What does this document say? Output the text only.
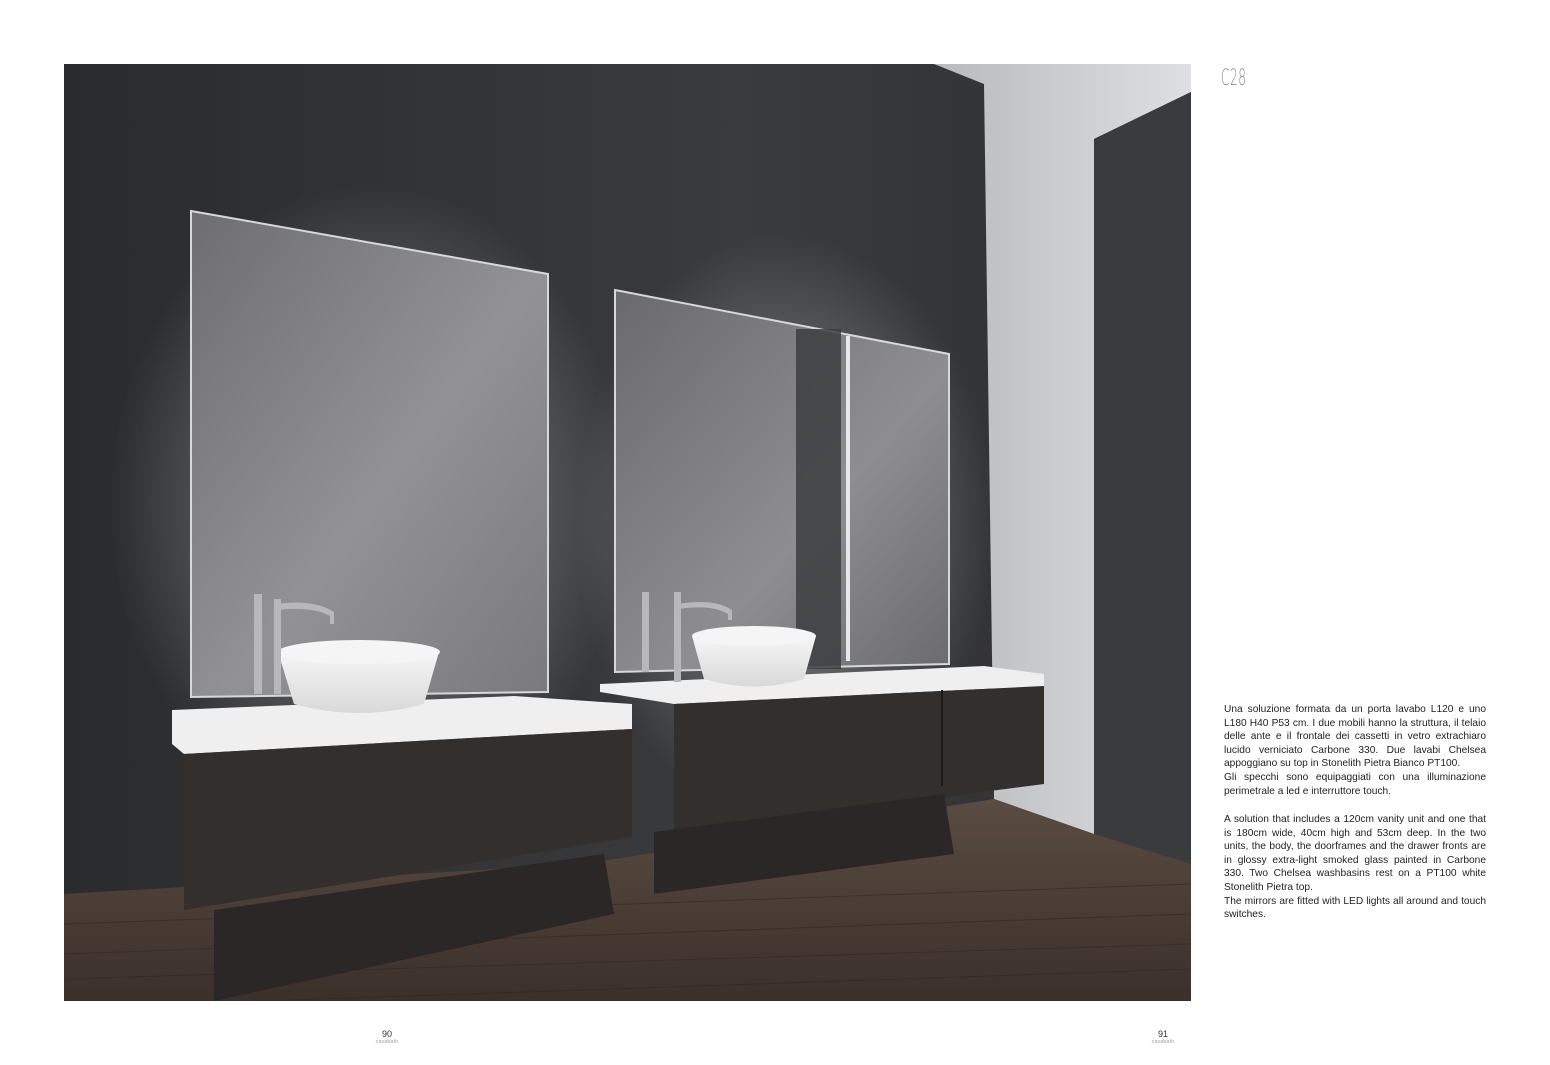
C28

Una soluzione formata da un porta lavabo L120 e uno L180 H40 P53 cm. I due mobili hanno la struttura, il telaio delle ante e il frontale dei cassetti in vetro extrachiaro lucido verniciato Carbone 330. Due lavabi Chelsea appoggiano su top in Stonelith Pietra Bianco PT100.

Gli specchi sono equipaggiati con una illuminazione perimetrale a led e interruttore touch.

A solution that includes a 120cm vanity unit and one that is 180cm wide, 40cm high and 53cm deep. In the two units, the body, the doorframes and the drawer fronts are in glossy extra-light smoked glass painted in Carbone 330. Two Chelsea washbasins rest on a PT100 white Stonelith Pietra top.

The mirrors are fitted with LED lights all around and touch switches.

90
casabath
91
casabath
